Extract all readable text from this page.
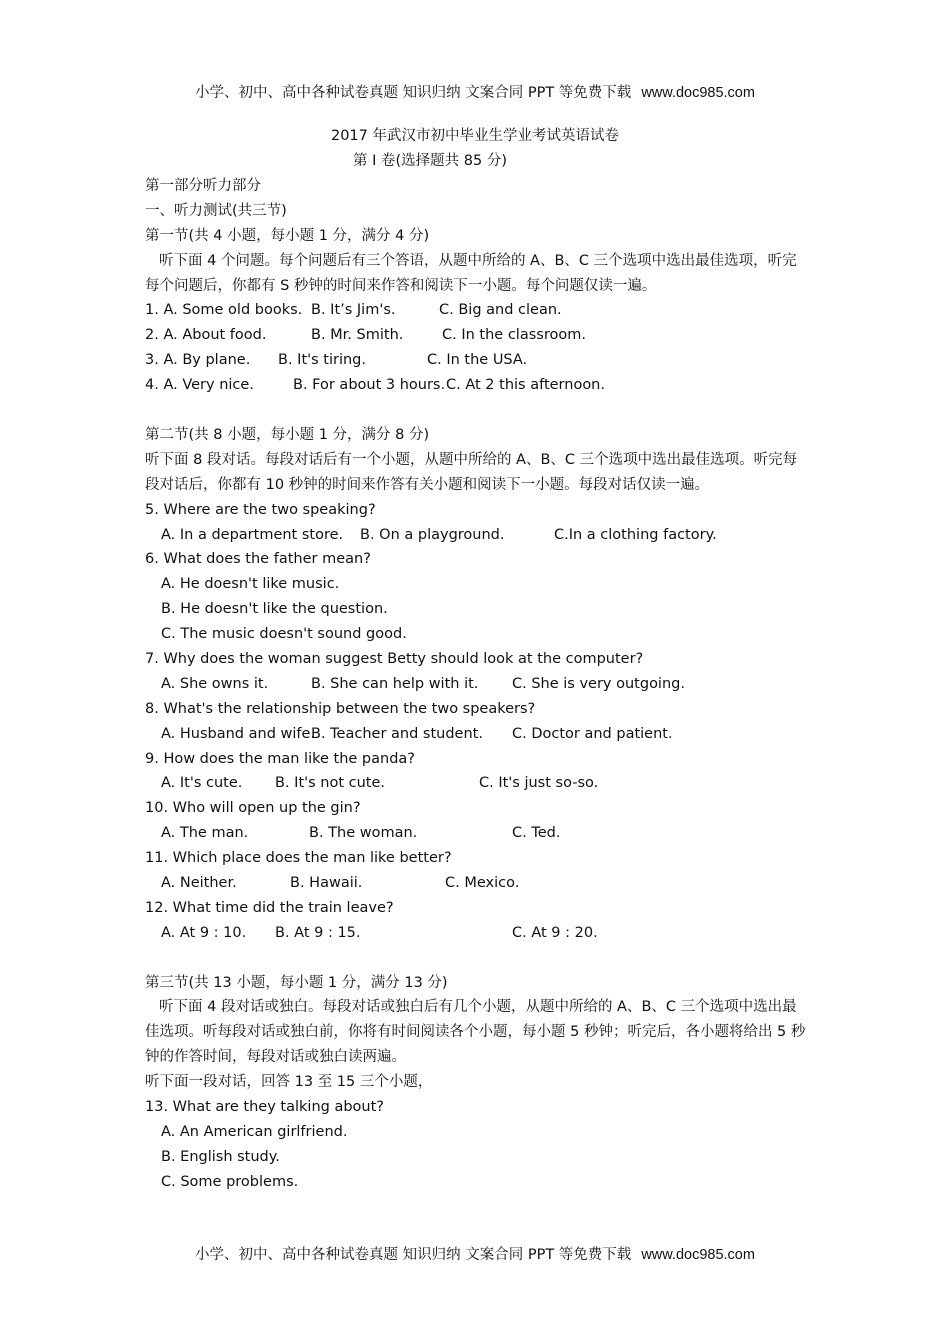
小学、初中、高中各种试卷真题 知识归纳 文案合同 PPT 等免费下载 www.doc985.com
2017 年武汉市初中毕业生学业考试英语试卷
第 I 卷(选择题共 85 分)
第一部分听力部分
一、听力测试(共三节)
第一节(共 4 小题，每小题 1 分，满分 4 分)
听下面 4 个问题。每个问题后有三个答语，从题中所给的 A、B、C 三个选项中选出最佳选项，听完每个问题后，你都有 S 秒钟的时间来作答和阅读下一小题。每个问题仅读一遍。
1. A. Some old books. B. It’s Jim's.	C. Big and clean.
2. A. About food.	B. Mr. Smith.	C. In the classroom.
3. A. By plane. B. It's tiring.	C. In the USA.
4. A. Very nice.	B. For about 3 hours.C. At 2 this afternoon.
第二节(共 8 小题，每小题 1 分，满分 8 分)
听下面 8 段对话。每段对话后有一个小题，从题中所给的 A、B、C 三个选项中选出最佳选项。听完每段对话后，你都有 10 秒钟的时间来作答有关小题和阅读下一小题。每段对话仅读一遍。
5. Where are the two speaking?
A. In a department store. B. On a playground.	C.In a clothing factory.
6. What does the father mean?
A. He doesn't like music.
B. He doesn't like the question.
C. The music doesn't sound good.
7. Why does the woman suggest Betty should look at the computer?
A. She owns it.	B. She can help with it. C. She is very outgoing.
8. What's the relationship between the two speakers?
A. Husband and wife.B. Teacher and student. C. Doctor and patient.
9. How does the man like the panda?
A. It's cute. B. It's not cute.	C. It's just so-so.
10. Who will open up the gin?
A. The man.	B. The woman.	C. Ted.
11. Which place does the man like better?
A. Neither.	B. Hawaii.	C. Mexico.
12. What time did the train leave?
A. At 9 : 10. B. At 9 : 15.	C. At 9 : 20.
第三节(共 13 小题，每小题 1 分，满分 13 分)
听下面 4 段对话或独白。每段对话或独白后有几个小题，从题中所给的 A、B、C 三个选项中选出最佳选项。听每段对话或独白前，你将有时间阅读各个小题，每小题 5 秒钟；听完后，各小题将给出 5 秒钟的作答时间，每段对话或独白读两遍。
听下面一段对话，回答 13 至 15 三个小题，
13. What are they talking about?
A. An American girlfriend.
B. English study.
C. Some problems.
小学、初中、高中各种试卷真题 知识归纳 文案合同 PPT 等免费下载 www.doc985.com
